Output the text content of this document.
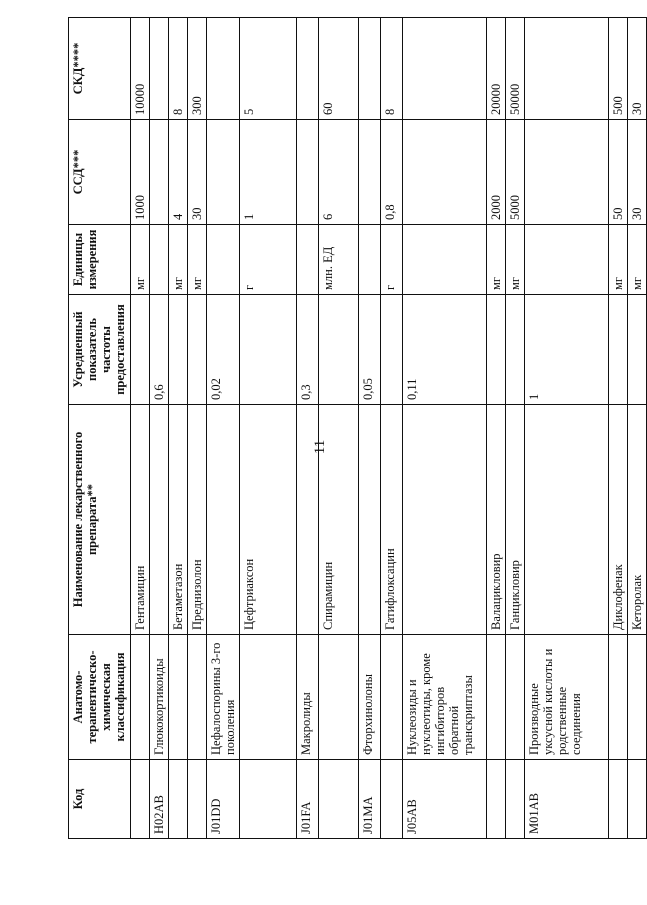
11
Код	Анатомо-терапевтическо-химическая классификация	Наименование лекарственного препарата**	Усредненный показатель частоты предоставления	Единицы измерения	ССД***	СКД****
		Гентамицин		мг	1000	10000
H02AB	Глюкокортикоиды		0,6			
		Бетаметазон		мг	4	8
		Преднизолон		мг	30	300
J01DD	Цефалоспорины 3-го поколения		0,02			
		Цефтриаксон		г	1	5
J01FA	Макролиды		0,3			
		Спирамицин		млн. ЕД	6	60
J01MA	Фторхинолоны		0,05			
		Гатифлоксацин		г	0,8	8
J05AB	Нуклеозиды и нуклеотиды, кроме ингибиторов обратной транскриптазы		0,11			
		Валацикловир		мг	2000	20000
		Ганцикловир		мг	5000	50000
M01AB	Производные уксусной кислоты и родственные соединения		1			
		Диклофенак		мг	50	500
		Кеторолак		мг	30	30
